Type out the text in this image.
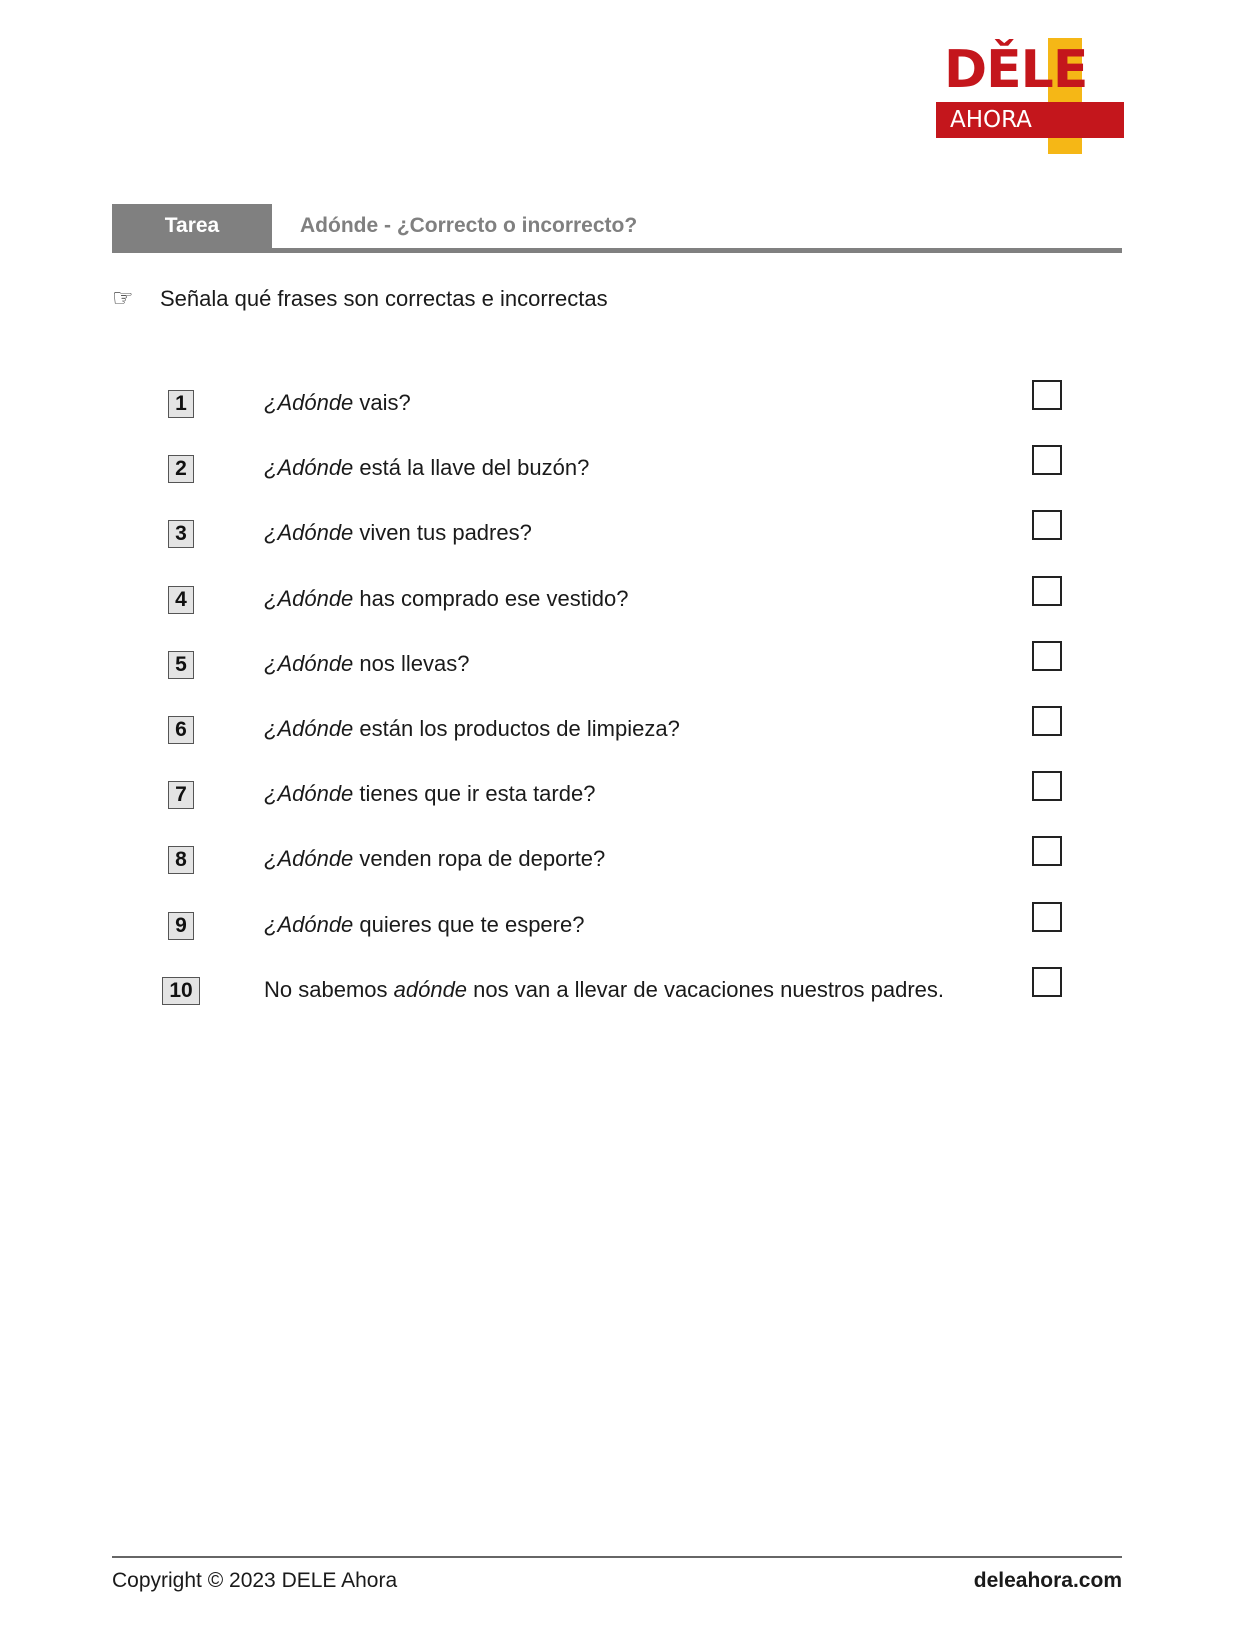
DĚLE
AHORA
Tarea	Adónde - ¿Correcto o incorrecto?
☞ Señala qué frases son correctas e incorrectas
1	¿Adónde vais?
2	¿Adónde está la llave del buzón?
3	¿Adónde viven tus padres?
4	¿Adónde has comprado ese vestido?
5	¿Adónde nos llevas?
6	¿Adónde están los productos de limpieza?
7	¿Adónde tienes que ir esta tarde?
8	¿Adónde venden ropa de deporte?
9	¿Adónde quieres que te espere?
10	No sabemos adónde nos van a llevar de vacaciones nuestros padres.
Copyright © 2023 DELE Ahora	deleahora.com
